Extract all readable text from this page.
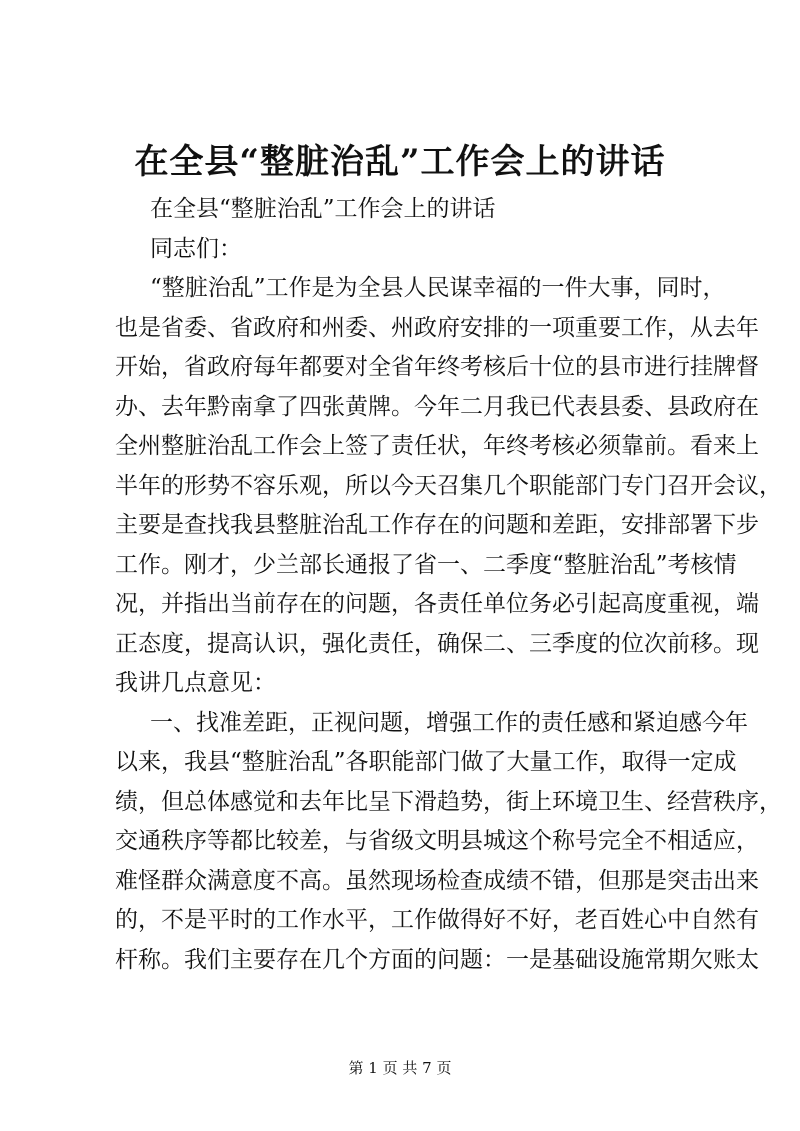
在全县“整脏治乱”工作会上的讲话
在全县“整脏治乱”工作会上的讲话
同志们：
“整脏治乱”工作是为全县人民谋幸福的一件大事，同时，
也是省委、省政府和州委、州政府安排的一项重要工作，从去年
开始，省政府每年都要对全省年终考核后十位的县市进行挂牌督
办、去年黔南拿了四张黄牌。今年二月我已代表县委、县政府在
全州整脏治乱工作会上签了责任状，年终考核必须靠前。看来上
半年的形势不容乐观，所以今天召集几个职能部门专门召开会议，
主要是查找我县整脏治乱工作存在的问题和差距，安排部署下步
工作。刚才，少兰部长通报了省一、二季度“整脏治乱”考核情
况，并指出当前存在的问题，各责任单位务必引起高度重视，端
正态度，提高认识，强化责任，确保二、三季度的位次前移。现
我讲几点意见：
一、找准差距，正视问题，增强工作的责任感和紧迫感今年
以来，我县“整脏治乱”各职能部门做了大量工作，取得一定成
绩，但总体感觉和去年比呈下滑趋势，街上环境卫生、经营秩序，
交通秩序等都比较差，与省级文明县城这个称号完全不相适应，
难怪群众满意度不高。虽然现场检查成绩不错，但那是突击出来
的，不是平时的工作水平，工作做得好不好，老百姓心中自然有
杆称。我们主要存在几个方面的问题：一是基础设施常期欠账太
第 1 页 共 7 页
